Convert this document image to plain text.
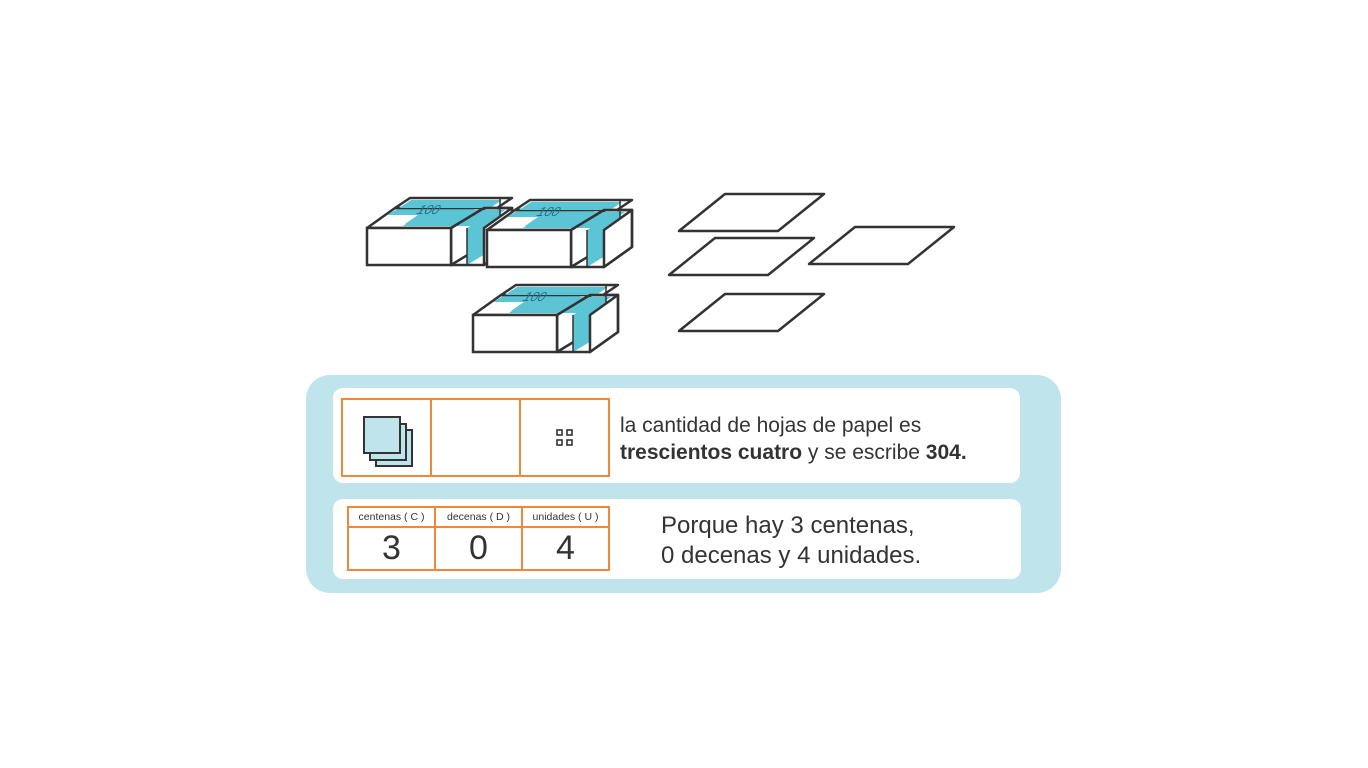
100
la cantidad de hojas de papel es
trescientos cuatro y se escribe 304.
centenas ( C )	decenas ( D )	unidades ( U )
3	0	4
Porque hay 3 centenas,
0 decenas y 4 unidades.
